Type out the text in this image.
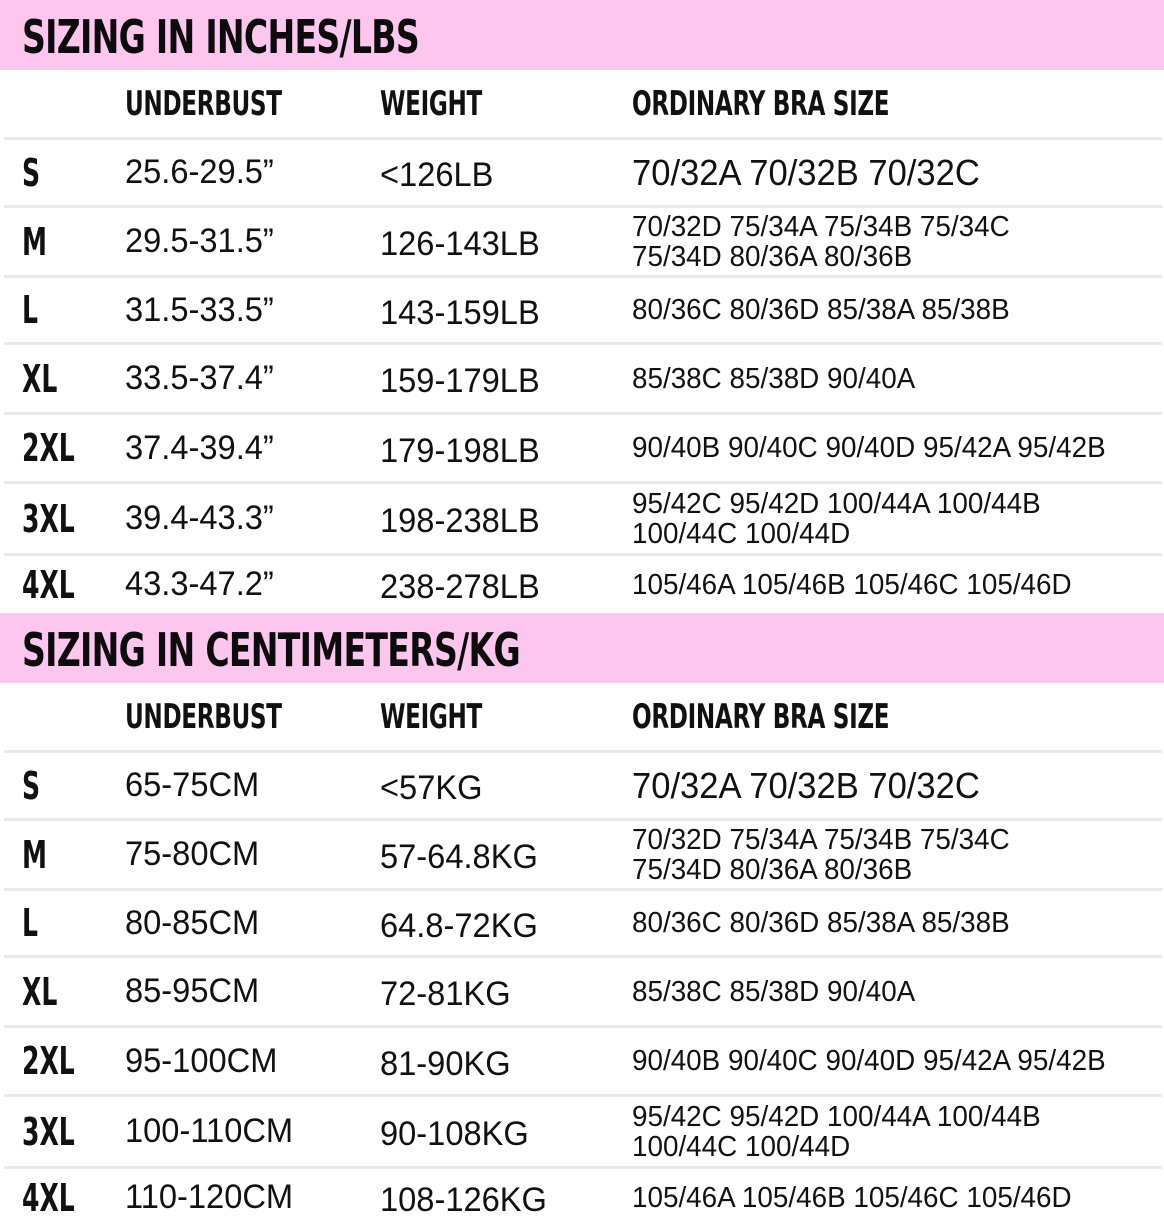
SIZING IN INCHES/LBS
UNDERBUST	WEIGHT	ORDINARY BRA SIZE
S 25.6-29.5”	<126LB	70/32A 70/32B 70/32C
M 29.5-31.5”	126-143LB	70/32D 75/34A 75/34B 75/34C
75/34D 80/36A 80/36B
L	31.5-33.5”	143-159LB	80/36C 80/36D 85/38A 85/38B
XL 33.5-37.4”	159-179LB	85/38C 85/38D 90/40A
2XL 37.4-39.4”	179-198LB	90/40B 90/40C 90/40D 95/42A 95/42B
3XL 39.4-43.3”	198-238LB	95/42C 95/42D 100/44A 100/44B
100/44C 100/44D
4XL 43.3-47.2”	238-278LB	105/46A 105/46B 105/46C 105/46D
SIZING IN CENTIMETERS/KG
UNDERBUST	WEIGHT	ORDINARY BRA SIZE
S 65-75CM	<57KG	70/32A 70/32B 70/32C
M 75-80CM	57-64.8KG	70/32D 75/34A 75/34B 75/34C
75/34D 80/36A 80/36B
L	80-85CM	64.8-72KG	80/36C 80/36D 85/38A 85/38B
XL 85-95CM	72-81KG	85/38C 85/38D 90/40A
2XL 95-100CM	81-90KG	90/40B 90/40C 90/40D 95/42A 95/42B
3XL 100-110CM	90-108KG	95/42C 95/42D 100/44A 100/44B
100/44C 100/44D
4XL 110-120CM	108-126KG	105/46A 105/46B 105/46C 105/46D
